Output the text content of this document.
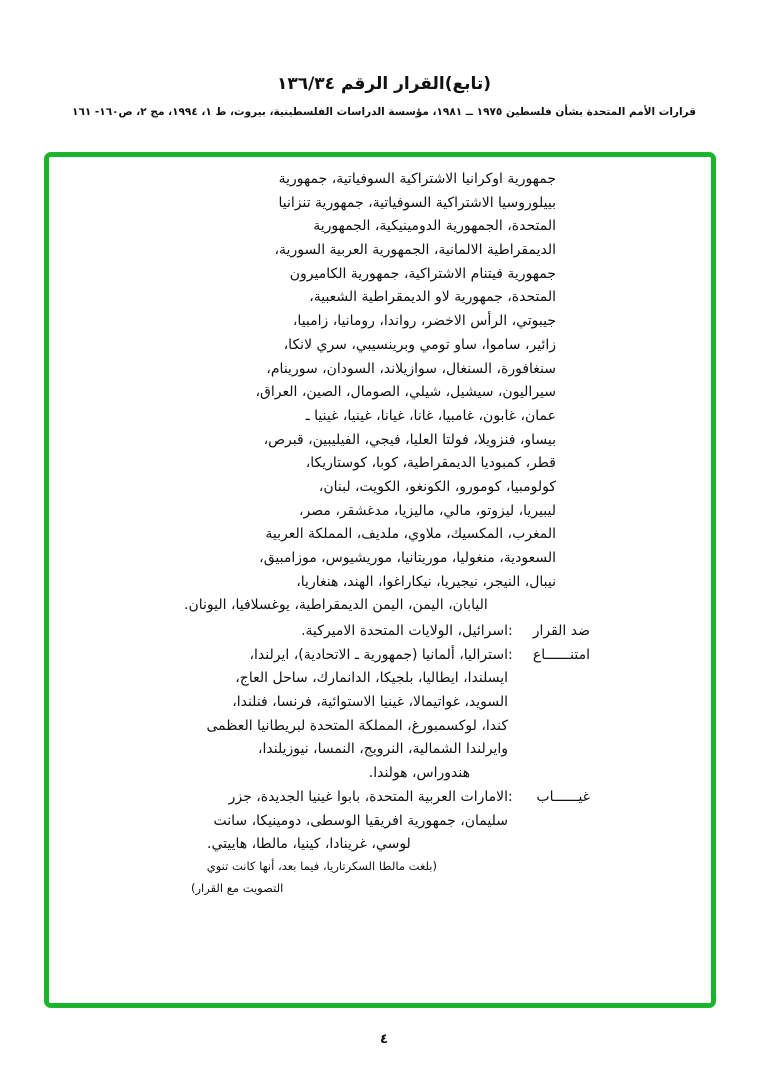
(تابع)القرار الرقم ١٣٦/٣٤
قرارات الأمم المتحدة بشأن فلسطين ١٩٧٥ ــ ١٩٨١، مؤسسة الدراسات الفلسطينية، بيروت، ط ١، ١٩٩٤، مج ٢، ص١٦٠- ١٦١
جمهورية اوكرانيا الاشتراكية السوفياتية، جمهورية
بييلوروسيا الاشتراكية السوفياتية، جمهورية تنزانيا
المتحدة، الجمهورية الدومينيكية، الجمهورية
الديمقراطية الالمانية، الجمهورية العربية السورية،
جمهورية فيتنام الاشتراكية، جمهورية الكاميرون
المتحدة، جمهورية لاو الديمقراطية الشعبية،
جيبوتي، الرأس الاخضر، رواندا، رومانيا، زامبيا،
زائير، ساموا، ساو تومي وبرينسيبي، سري لانكا،
سنغافورة، السنغال، سوازيلاند، السودان، سورينام،
سيراليون، سيشيل، شيلي، الصومال، الصين، العراق،
عمان، غابون، غامبيا، غانا، غيانا، غينيا، غينيا ـ
بيساو، فنزويلا، فولتا العليا، فيجي، الفيليبين، قبرص،
قطر، كمبوديا الديمقراطية، كوبا، كوستاريكا،
كولومبيا، كومورو، الكونغو، الكويت، لبنان،
ليبيريا، ليزوتو، مالي، ماليزيا، مدغشقر، مصر،
المغرب، المكسيك، ملاوي، ملديف، المملكة العربية
السعودية، منغوليا، موريتانيا، موريشيوس، موزامبيق،
نيبال، النيجر، نيجيريا، نيكاراغوا، الهند، هنغاريا،
اليابان، اليمن، اليمن الديمقراطية، يوغسلافيا، اليونان.
ضد القرار
:
اسرائيل، الولايات المتحدة الاميركية.
امتنــــــاع
:
استراليا، ألمانيا (جمهورية ـ الاتحادية)، ايرلندا،
ايسلندا، ايطاليا، بلجيكا، الدانمارك، ساحل العاج،
السويد، غواتيمالا، غينيا الاستوائية، فرنسا، فنلندا،
كندا، لوكسمبورغ، المملكة المتحدة لبريطانيا العظمى
وايرلندا الشمالية، النرويج، النمسا، نيوزيلندا،
هندوراس، هولندا.
غيــــــاب
:
الامارات العربية المتحدة، بابوا غينيا الجديدة، جزر
سليمان، جمهورية افريقيا الوسطى، دومينيكا، سانت
لوسي، غرينادا، كينيا، مالطا، هاييتي.
(بلغت مالطا السكرتاريا، فيما بعد، أنها كانت تنوي
التصويت مع القرار)
٤
